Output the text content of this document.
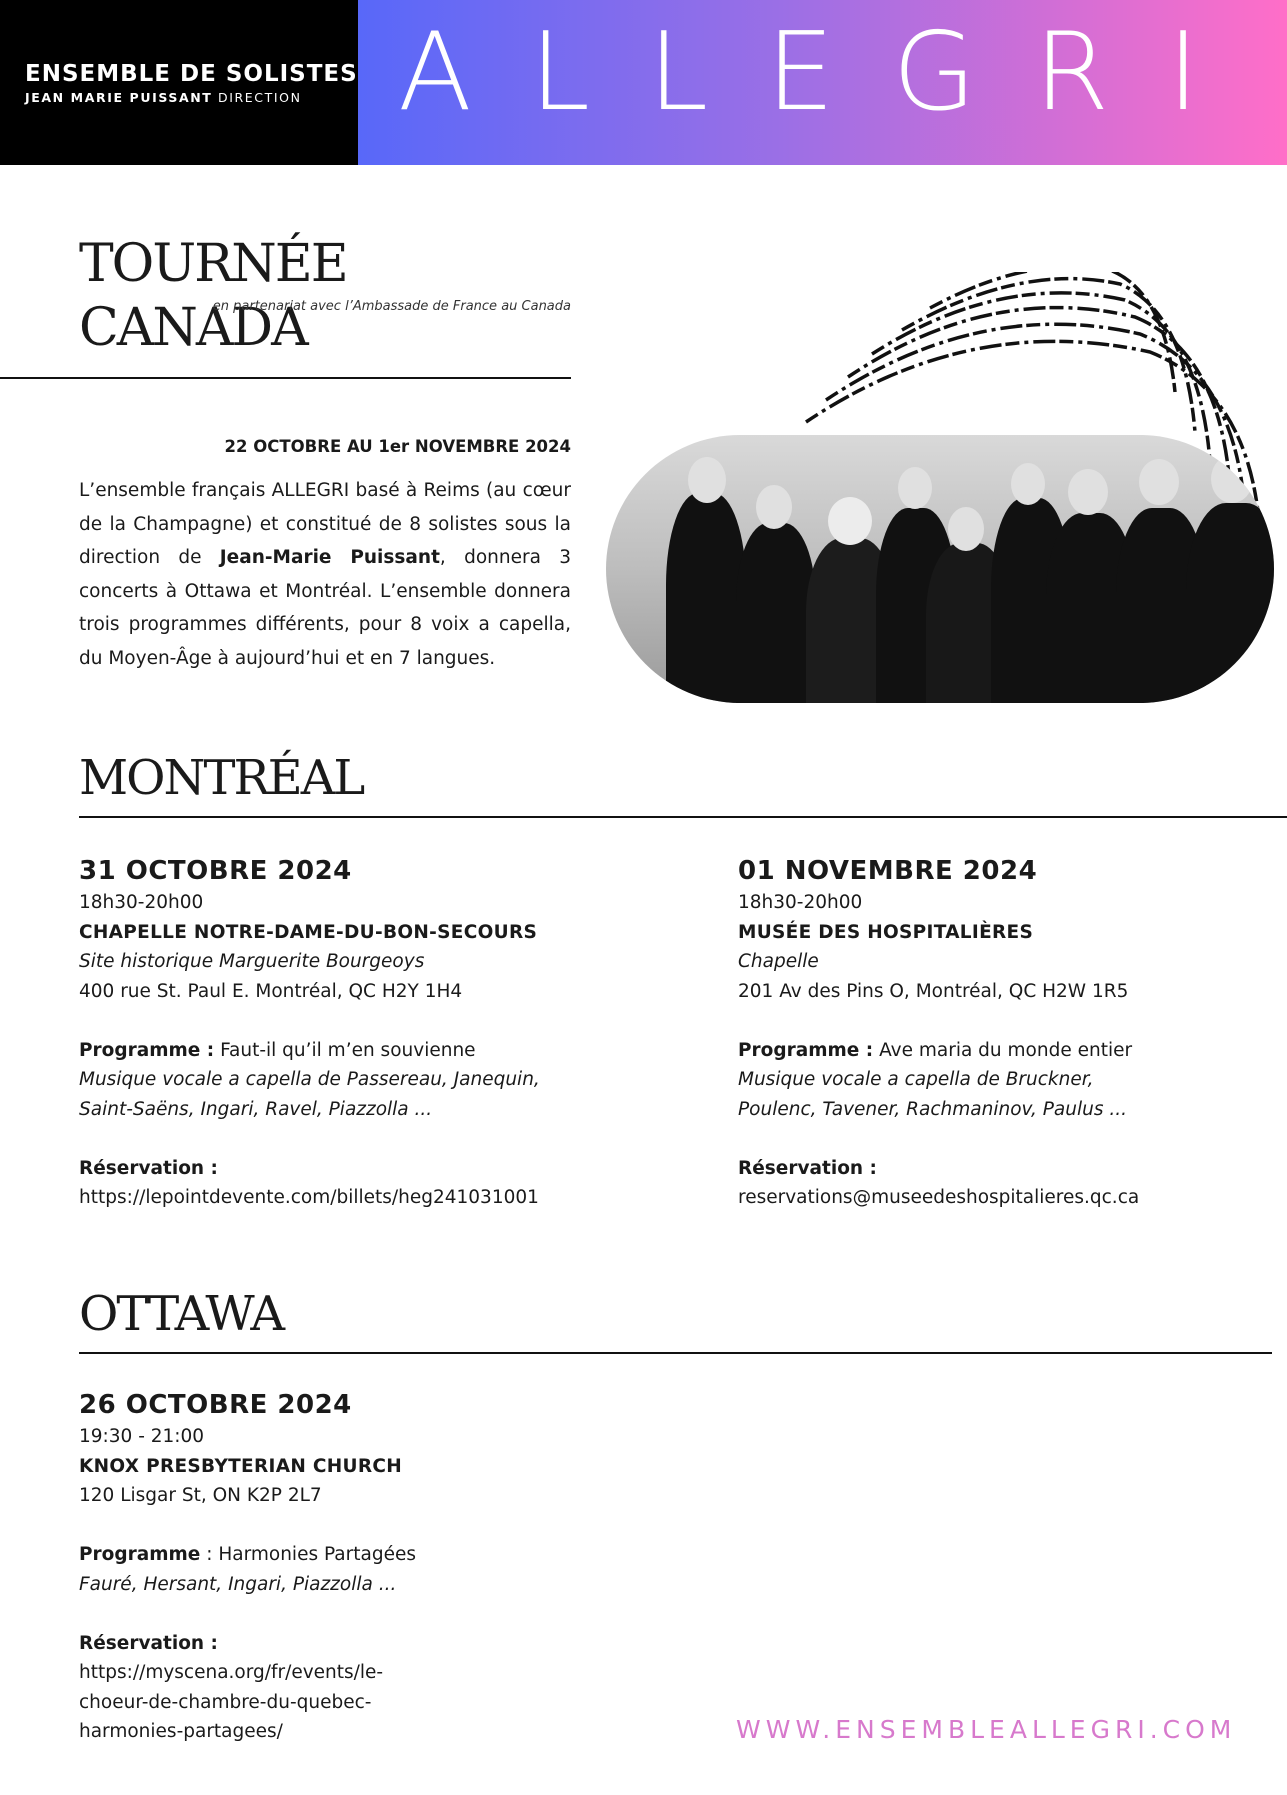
ENSEMBLE DE SOLISTES
JEAN MARIE PUISSANT DIRECTION ALLEGRI
TOURNÉE CANADA
en partenariat avec l’Ambassade de France au Canada
22 OCTOBRE AU 1er NOVEMBRE 2024
L’ensemble français ALLEGRI basé à Reims (au cœur de la Champagne) et constitué de 8 solistes sous la direction de Jean-Marie Puissant, donnera 3 concerts à Ottawa et Montréal. L’ensemble donnera trois programmes différents, pour 8 voix a capella, du Moyen-Âge à aujourd’hui et en 7 langues.
MONTRÉAL
31 OCTOBRE 2024
18h30-20h00
CHAPELLE NOTRE-DAME-DU-BON-SECOURS
Site historique Marguerite Bourgeoys
400 rue St. Paul E. Montréal, QC H2Y 1H4
Programme : Faut-il qu’il m’en souvienne
Musique vocale a capella de Passereau, Janequin,
Saint-Saëns, Ingari, Ravel, Piazzolla ...
Réservation :
https://lepointdevente.com/billets/heg241031001
01 NOVEMBRE 2024
18h30-20h00
MUSÉE DES HOSPITALIÈRES
Chapelle
201 Av des Pins O, Montréal, QC H2W 1R5
Programme : Ave maria du monde entier
Musique vocale a capella de Bruckner,
Poulenc, Tavener, Rachmaninov, Paulus ...
Réservation :
reservations@museedeshospitalieres.qc.ca
OTTAWA
26 OCTOBRE 2024
19:30 - 21:00
KNOX PRESBYTERIAN CHURCH
120 Lisgar St, ON K2P 2L7
Programme : Harmonies Partagées
Fauré, Hersant, Ingari, Piazzolla ...
Réservation :
https://myscena.org/fr/events/le-
choeur-de-chambre-du-quebec-
harmonies-partagees/	WWW.ENSEMBLEALLEGRI.COM
